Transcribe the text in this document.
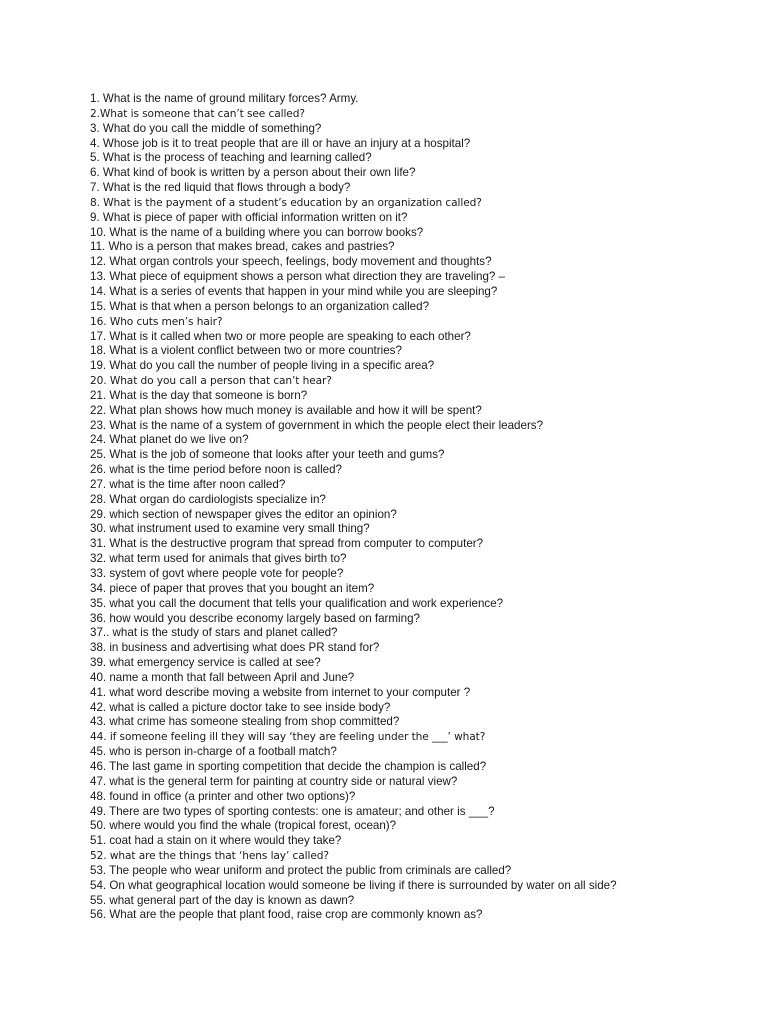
1. What is the name of ground military forces? Army.
2.What is someone that can’t see called?
3. What do you call the middle of something?
4. Whose job is it to treat people that are ill or have an injury at a hospital?
5. What is the process of teaching and learning called?
6. What kind of book is written by a person about their own life?
7. What is the red liquid that flows through a body?
8. What is the payment of a student’s education by an organization called?
9. What is piece of paper with official information written on it?
10. What is the name of a building where you can borrow books?
11. Who is a person that makes bread, cakes and pastries?
12. What organ controls your speech, feelings, body movement and thoughts?
13. What piece of equipment shows a person what direction they are traveling? –
14. What is a series of events that happen in your mind while you are sleeping?
15. What is that when a person belongs to an organization called?
16. Who cuts men’s hair?
17. What is it called when two or more people are speaking to each other?
18. What is a violent conflict between two or more countries?
19. What do you call the number of people living in a specific area?
20. What do you call a person that can’t hear?
21. What is the day that someone is born?
22. What plan shows how much money is available and how it will be spent?
23. What is the name of a system of government in which the people elect their leaders?
24. What planet do we live on?
25. What is the job of someone that looks after your teeth and gums?
26. what is the time period before noon is called?
27. what is the time after noon called?
28. What organ do cardiologists specialize in?
29. which section of newspaper gives the editor an opinion?
30. what instrument used to examine very small thing?
31. What is the destructive program that spread from computer to computer?
32. what term used for animals that gives birth to?
33. system of govt where people vote for people?
34. piece of paper that proves that you bought an item?
35. what you call the document that tells your qualification and work experience?
36. how would you describe economy largely based on farming?
37.. what is the study of stars and planet called?
38. in business and advertising what does PR stand for?
39. what emergency service is called at see?
40. name a month that fall between April and June?
41. what word describe moving a website from internet to your computer ?
42. what is called a picture doctor take to see inside body?
43. what crime has someone stealing from shop committed?
44. if someone feeling ill they will say ‘they are feeling under the ___’ what?
45. who is person in-charge of a football match?
46. The last game in sporting competition that decide the champion is called?
47. what is the general term for painting at country side or natural view?
48. found in office (a printer and other two options)?
49. There are two types of sporting contests: one is amateur; and other is ___?
50. where would you find the whale (tropical forest, ocean)?
51. coat had a stain on it where would they take?
52. what are the things that ‘hens lay’ called?
53. The people who wear uniform and protect the public from criminals are called?
54. On what geographical location would someone be living if there is surrounded by water on all side?
55. what general part of the day is known as dawn?
56. What are the people that plant food, raise crop are commonly known as?
